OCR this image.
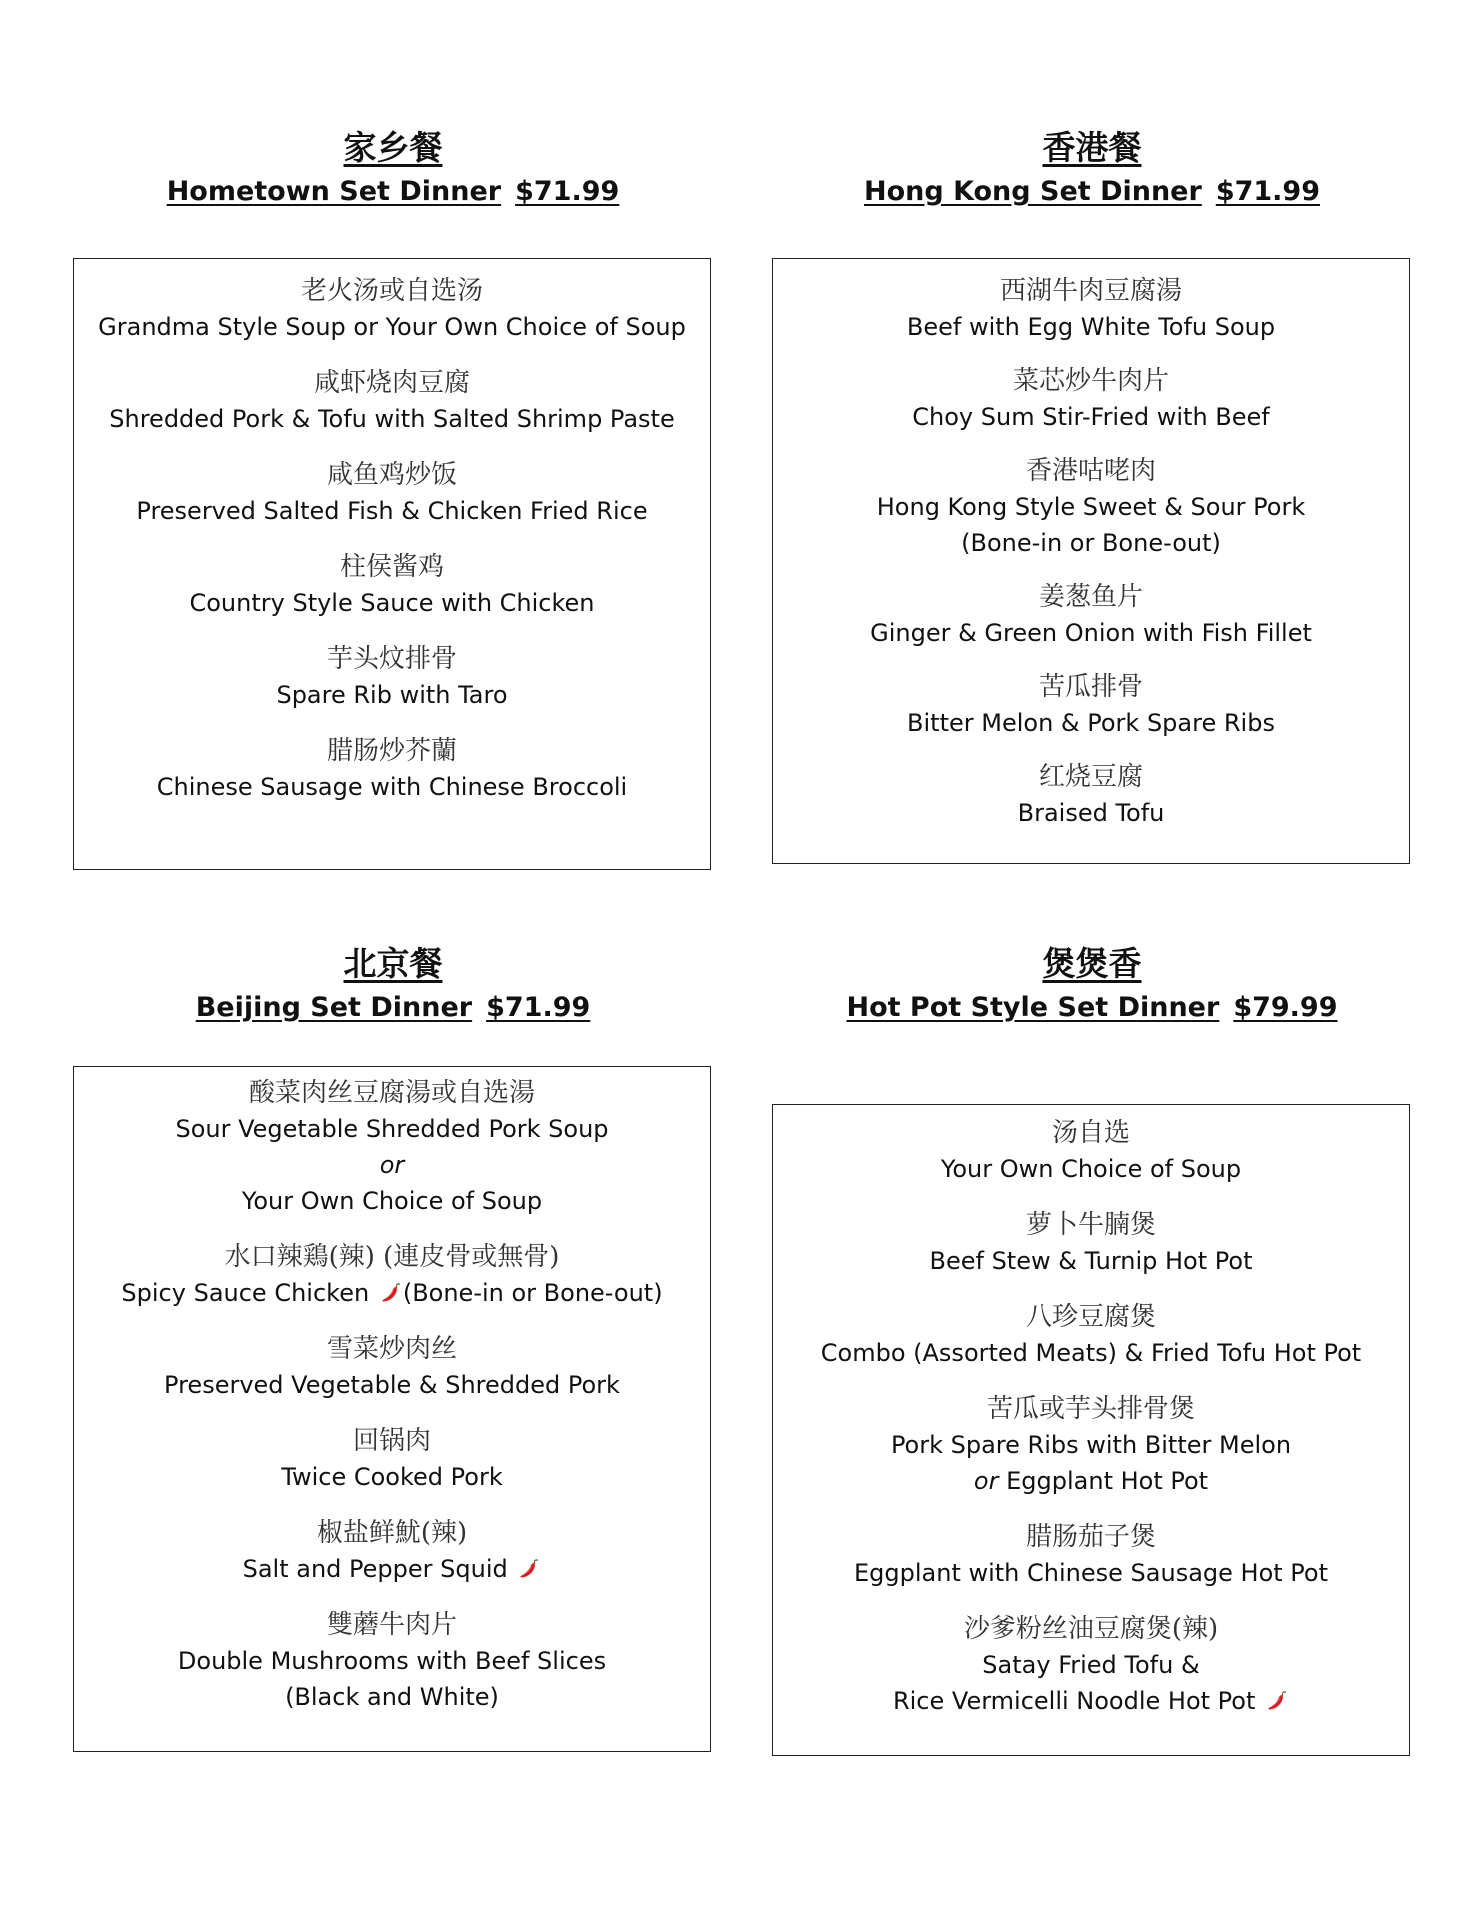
家乡餐
Hometown Set Dinner $71.99
老火汤或自选汤
Grandma Style Soup or Your Own Choice of Soup
咸虾烧肉豆腐
Shredded Pork & Tofu with Salted Shrimp Paste
咸鱼鸡炒饭
Preserved Salted Fish & Chicken Fried Rice
柱侯酱鸡
Country Style Sauce with Chicken
芋头炆排骨
Spare Rib with Taro
腊肠炒芥蘭
Chinese Sausage with Chinese Broccoli
香港餐
Hong Kong Set Dinner $71.99
西湖牛肉豆腐湯
Beef with Egg White Tofu Soup
菜芯炒牛肉片
Choy Sum Stir-Fried with Beef
香港咕咾肉
Hong Kong Style Sweet & Sour Pork
(Bone-in or Bone-out)
姜葱鱼片
Ginger & Green Onion with Fish Fillet
苦瓜排骨
Bitter Melon & Pork Spare Ribs
红烧豆腐
Braised Tofu
北京餐
Beijing Set Dinner $71.99
酸菜肉丝豆腐湯或自选湯
Sour Vegetable Shredded Pork Soup
or
Your Own Choice of Soup
水口辣鶏(辣) (連皮骨或無骨)
Spicy Sauce Chicken (Bone-in or Bone-out)
雪菜炒肉丝
Preserved Vegetable & Shredded Pork
回锅肉
Twice Cooked Pork
椒盐鲜魷(辣)
Salt and Pepper Squid
雙蘑牛肉片
Double Mushrooms with Beef Slices
(Black and White)
煲煲香
Hot Pot Style Set Dinner $79.99
汤自选
Your Own Choice of Soup
萝卜牛腩煲
Beef Stew & Turnip Hot Pot
八珍豆腐煲
Combo (Assorted Meats) & Fried Tofu Hot Pot
苦瓜或芋头排骨煲
Pork Spare Ribs with Bitter Melon
or Eggplant Hot Pot
腊肠茄子煲
Eggplant with Chinese Sausage Hot Pot
沙爹粉丝油豆腐煲(辣)
Satay Fried Tofu &
Rice Vermicelli Noodle Hot Pot
